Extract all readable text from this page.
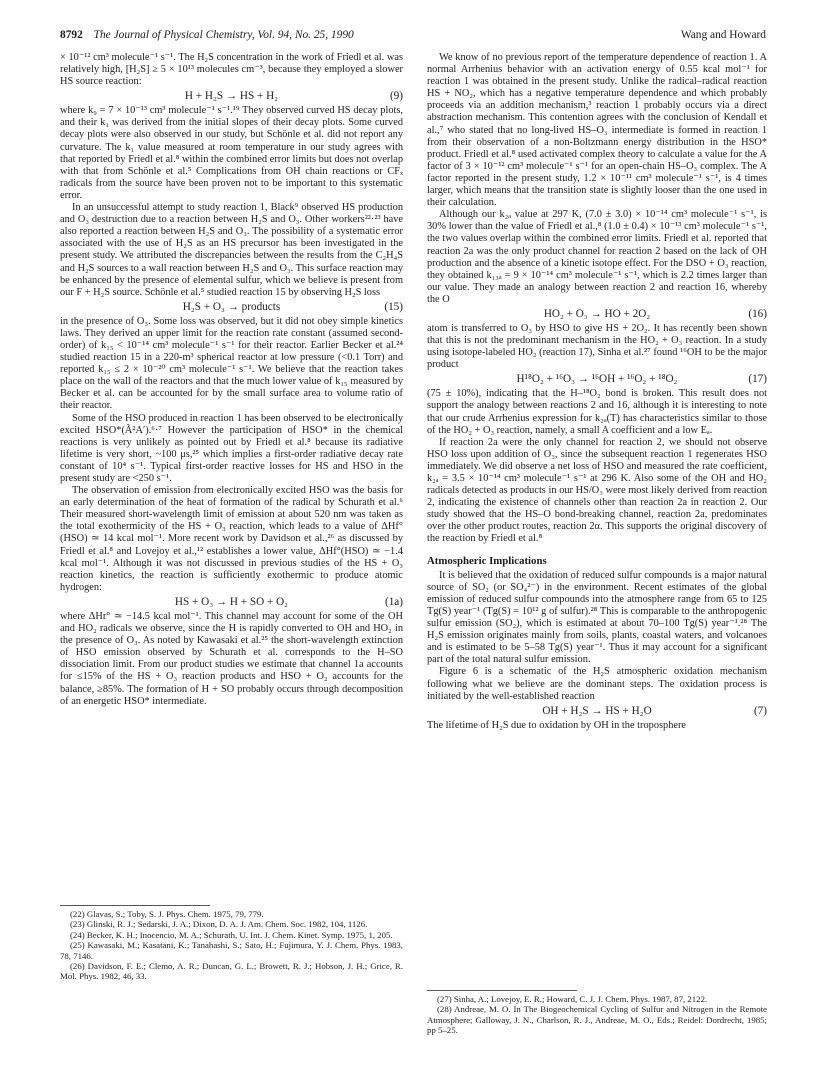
8792 The Journal of Physical Chemistry, Vol. 94, No. 25, 1990	Wang and Howard

× 10⁻¹² cm³ molecule⁻¹ s⁻¹. The H₂S concentration in the work of Friedl et al. was relatively high, [H₂S] ≥ 5 × 10¹³ molecules cm⁻³, because they employed a slower HS source reaction:

H + H₂S → HS + H₂	(9)

where k₉ = 7 × 10⁻¹³ cm³ molecule⁻¹ s⁻¹.¹⁹ They observed curved HS decay plots, and their k₁ was derived from the initial slopes of their decay plots. Some curved decay plots were also observed in our study, but Schönle et al. did not report any curvature. The k₁ value measured at room temperature in our study agrees with that reported by Friedl et al.⁸ within the combined error limits but does not overlap with that from Schönle et al.⁵ Complications from OH chain reactions or CFₓ radicals from the source have been proven not to be important to this systematic error.

In an unsuccessful attempt to study reaction 1, Black⁹ observed HS production and O₃ destruction due to a reaction between H₂S and O₃. Other workers²²·²³ have also reported a reaction between H₂S and O₃. The possibility of a systematic error associated with the use of H₂S as an HS precursor has been investigated in the present study. We attributed the discrepancies between the results from the C₂H₄S and H₂S sources to a wall reaction between H₂S and O₃. This surface reaction may be enhanced by the presence of elemental sulfur, which we believe is present from our F + H₂S source. Schönle et al.⁵ studied reaction 15 by observing H₂S loss

H₂S + O₃ → products	(15)

in the presence of O₃. Some loss was observed, but it did not obey simple kinetics laws. They derived an upper limit for the reaction rate constant (assumed second-order) of k₁₅ < 10⁻¹⁴ cm³ molecule⁻¹ s⁻¹ for their reactor. Earlier Becker et al.²⁴ studied reaction 15 in a 220-m³ spherical reactor at low pressure (<0.1 Torr) and reported k₁₅ ≤ 2 × 10⁻²⁰ cm³ molecule⁻¹ s⁻¹. We believe that the reaction takes place on the wall of the reactors and that the much lower value of k₁₅ measured by Becker et al. can be accounted for by the small surface area to volume ratio of their reactor.

Some of the HSO produced in reaction 1 has been observed to be electronically excited HSO*(Ã²A′).⁶·⁷ However the participation of HSO* in the chemical reactions is very unlikely as pointed out by Friedl et al.⁸ because its radiative lifetime is very short, ~100 μs,²⁵ which implies a first-order radiative decay rate constant of 10⁴ s⁻¹. Typical first-order reactive losses for HS and HSO in the present study are <250 s⁻¹.

The observation of emission from electronically excited HSO was the basis for an early determination of the heat of formation of the radical by Schurath et al.⁶ Their measured short-wavelength limit of emission at about 520 nm was taken as the total exothermicity of the HS + O₃ reaction, which leads to a value of ΔHf°(HSO) ≃ 14 kcal mol⁻¹. More recent work by Davidson et al.,²⁶ as discussed by Friedl et al.⁸ and Lovejoy et al.,¹² establishes a lower value, ΔHf°(HSO) ≃ −1.4 kcal mol⁻¹. Although it was not discussed in previous studies of the HS + O₃ reaction kinetics, the reaction is sufficiently exothermic to produce atomic hydrogen:

HS + O₃ → H + SO + O₂	(1a)

where ΔHr° ≃ −14.5 kcal mol⁻¹. This channel may account for some of the OH and HO₂ radicals we observe, since the H is rapidly converted to OH and HO₂ in the presence of O₃. As noted by Kawasaki et al.²⁵ the short-wavelength extinction of HSO emission observed by Schurath et al. corresponds to the H–SO dissociation limit. From our product studies we estimate that channel 1a accounts for ≤15% of the HS + O₃ reaction products and HSO + O₂ accounts for the balance, ≥85%. The formation of H + SO probably occurs through decomposition of an energetic HSO* intermediate.

We know of no previous report of the temperature dependence of reaction 1. A normal Arrhenius behavior with an activation energy of 0.55 kcal mol⁻¹ for reaction 1 was obtained in the present study. Unlike the radical–radical reaction HS + NO₂, which has a negative temperature dependence and which probably proceeds via an addition mechanism,³ reaction 1 probably occurs via a direct abstraction mechanism. This contention agrees with the conclusion of Kendall et al.,⁷ who stated that no long-lived HS–O₃ intermediate is formed in reaction 1 from their observation of a non-Boltzmann energy distribution in the HSO* product. Friedl et al.⁸ used activated complex theory to calculate a value for the A factor of 3 × 10⁻¹² cm³ molecule⁻¹ s⁻¹ for an open-chain HS–O₃ complex. The A factor reported in the present study, 1.2 × 10⁻¹¹ cm³ molecule⁻¹ s⁻¹, is 4 times larger, which means that the transition state is slightly looser than the one used in their calculation.

Although our k₂ₐ value at 297 K, (7.0 ± 3.0) × 10⁻¹⁴ cm³ molecule⁻¹ s⁻¹, is 30% lower than the value of Friedl et al.,⁸ (1.0 ± 0.4) × 10⁻¹³ cm³ molecule⁻¹ s⁻¹, the two values overlap within the combined error limits. Friedl et al. reported that reaction 2a was the only product channel for reaction 2 based on the lack of OH production and the absence of a kinetic isotope effect. For the DSO + O₃ reaction, they obtained k₁₃ₐ = 9 × 10⁻¹⁴ cm³ molecule⁻¹ s⁻¹, which is 2.2 times larger than our value. They made an analogy between reaction 2 and reaction 16, whereby the O

HO₂ + O₃ → HO + 2O₂	(16)

atom is transferred to O₃ by HSO to give HS + 2O₂. It has recently been shown that this is not the predominant mechanism in the HO₂ + O₃ reaction. In a study using isotope-labeled HO₂ (reaction 17), Sinha et al.²⁷ found ¹⁶OH to be the major product

H¹⁸O₂ + ¹⁶O₃ → ¹⁶OH + ¹⁶O₂ + ¹⁸O₂	(17)

(75 ± 10%), indicating that the H–¹⁸O₂ bond is broken. This result does not support the analogy between reactions 2 and 16, although it is interesting to note that our crude Arrhenius expression for k₂ₐ(T) has characteristics similar to those of the HO₂ + O₃ reaction, namely, a small A coefficient and a low Eₐ.

If reaction 2a were the only channel for reaction 2, we should not observe HSO loss upon addition of O₃, since the subsequent reaction 1 regenerates HSO immediately. We did observe a net loss of HSO and measured the rate coefficient, k₂ₐ = 3.5 × 10⁻¹⁴ cm³ molecule⁻¹ s⁻¹ at 296 K. Also some of the OH and HO₂ radicals detected as products in our HS/O₃ were most likely derived from reaction 2, indicating the existence of channels other than reaction 2a in reaction 2. Our study showed that the HS–O bond-breaking channel, reaction 2a, predominates over the other product routes, reaction 2α. This supports the original discovery of the reaction by Friedl et al.⁸

Atmospheric Implications

It is believed that the oxidation of reduced sulfur compounds is a major natural source of SO₂ (or SO₄²⁻) in the environment. Recent estimates of the global emission of reduced sulfur compounds into the atmosphere range from 65 to 125 Tg(S) year⁻¹ (Tg(S) = 10¹² g of sulfur).²⁸ This is comparable to the anthropogenic sulfur emission (SO₂), which is estimated at about 70–100 Tg(S) year⁻¹.²⁸ The H₂S emission originates mainly from soils, plants, coastal waters, and volcanoes and is estimated to be 5–58 Tg(S) year⁻¹. Thus it may account for a significant part of the total natural sulfur emission.

Figure 6 is a schematic of the H₂S atmospheric oxidation mechanism following what we believe are the dominant steps. The oxidation process is initiated by the well-established reaction

OH + H₂S → HS + H₂O	(7)

The lifetime of H₂S due to oxidation by OH in the troposphere

(22) Glavas, S.; Toby, S. J. Phys. Chem. 1975, 79, 779.

(23) Glinski, R. J.; Sedarski, J. A.; Dixon, D. A. J. Am. Chem. Soc. 1982, 104, 1126.

(24) Becker, K. H.; Inocencio, M. A.; Schurath, U. Int. J. Chem. Kinet. Symp. 1975, 1, 205.

(25) Kawasaki, M.; Kasatani, K.; Tanahashi, S.; Sato, H.; Fujimura, Y. J. Chem. Phys. 1983, 78, 7146.

(26) Davidson, F. E.; Clemo, A. R.; Duncan, G. L.; Browett, R. J.; Hobson, J. H.; Grice, R. Mol. Phys. 1982, 46, 33.

(27) Sinha, A.; Lovejoy, E. R.; Howard, C. J. J. Chem. Phys. 1987, 87, 2122.

(28) Andreae, M. O. In The Biogeochemical Cycling of Sulfur and Nitrogen in the Remote Atmosphere; Galloway, J. N., Charlson, R. J., Andreae, M. O., Eds.; Reidel: Dordrecht, 1985; pp 5–25.
